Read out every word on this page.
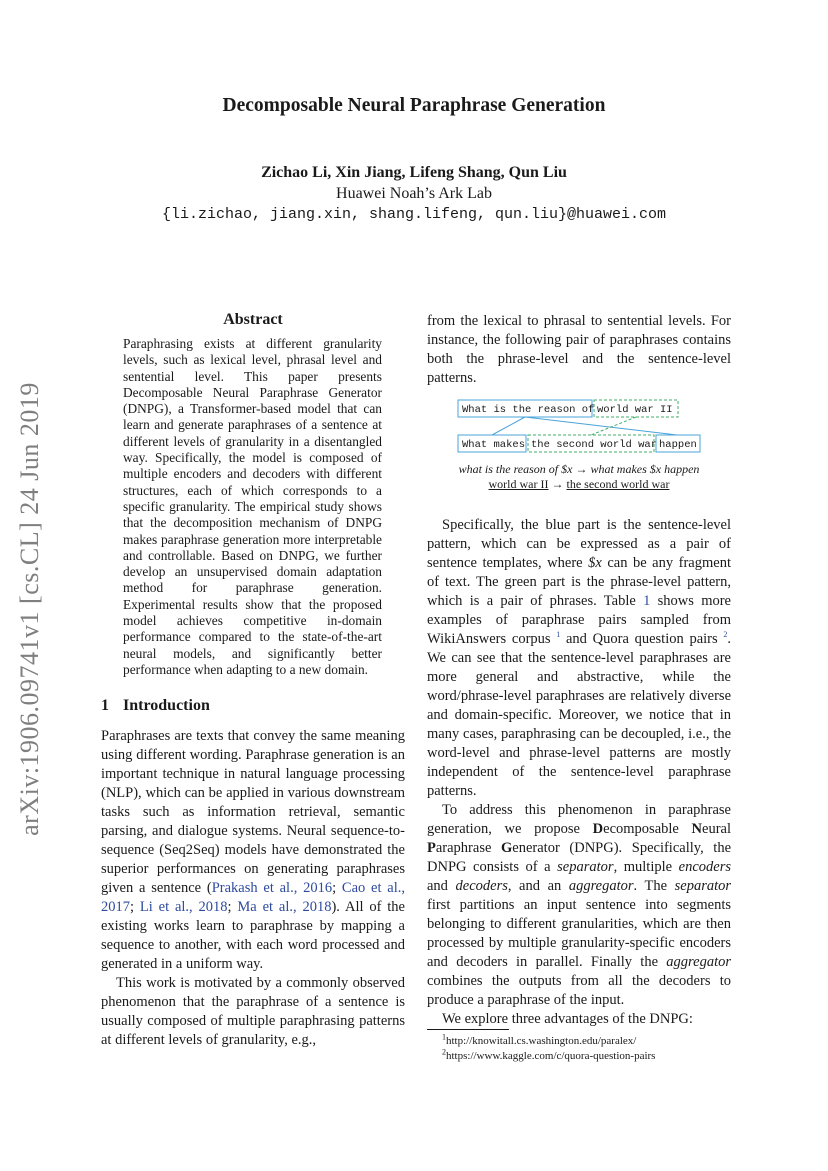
arXiv:1906.09741v1 [cs.CL] 24 Jun 2019
Decomposable Neural Paraphrase Generation
Zichao Li, Xin Jiang, Lifeng Shang, Qun Liu
Huawei Noah’s Ark Lab
{li.zichao, jiang.xin, shang.lifeng, qun.liu}@huawei.com
Abstract
Paraphrasing exists at different granularity levels, such as lexical level, phrasal level and sentential level. This paper presents Decomposable Neural Paraphrase Generator (DNPG), a Transformer-based model that can learn and generate paraphrases of a sentence at different levels of granularity in a disentangled way. Specifically, the model is composed of multiple encoders and decoders with different structures, each of which corresponds to a specific granularity. The empirical study shows that the decomposition mechanism of DNPG makes paraphrase generation more interpretable and controllable. Based on DNPG, we further develop an unsupervised domain adaptation method for paraphrase generation. Experimental results show that the proposed model achieves competitive in-domain performance compared to the state-of-the-art neural models, and significantly better performance when adapting to a new domain.
1 Introduction

Paraphrases are texts that convey the same meaning using different wording. Paraphrase generation is an important technique in natural language processing (NLP), which can be applied in various downstream tasks such as information retrieval, semantic parsing, and dialogue systems. Neural sequence-to-sequence (Seq2Seq) models have demonstrated the superior performances on generating paraphrases given a sentence (Prakash et al., 2016; Cao et al., 2017; Li et al., 2018; Ma et al., 2018). All of the existing works learn to paraphrase by mapping a sequence to another, with each word processed and generated in a uniform way.

This work is motivated by a commonly observed phenomenon that the paraphrase of a sentence is usually composed of multiple paraphrasing patterns at different levels of granularity, e.g.,

from the lexical to phrasal to sentential levels. For instance, the following pair of paraphrases contains both the phrase-level and the sentence-level patterns.
What is the reason of world war II
What makes the second world war happen
what is the reason of $x → what makes $x happen
world war II → the second world war

Specifically, the blue part is the sentence-level pattern, which can be expressed as a pair of sentence templates, where $x can be any fragment of text. The green part is the phrase-level pattern, which is a pair of phrases. Table 1 shows more examples of paraphrase pairs sampled from WikiAnswers corpus $^1$ and Quora question pairs $^2$. We can see that the sentence-level paraphrases are more general and abstractive, while the word/phrase-level paraphrases are relatively diverse and domain-specific. Moreover, we notice that in many cases, paraphrasing can be decoupled, i.e., the word-level and phrase-level patterns are mostly independent of the sentence-level paraphrase patterns.

To address this phenomenon in paraphrase generation, we propose Decomposable Neural Paraphrase Generator (DNPG). Specifically, the DNPG consists of a separator, multiple encoders and decoders, and an aggregator. The separator first partitions an input sentence into segments belonging to different granularities, which are then processed by multiple granularity-specific encoders and decoders in parallel. Finally the aggregator combines the outputs from all the decoders to produce a paraphrase of the input.

We explore three advantages of the DNPG:

$^1$http://knowitall.cs.washington.edu/paralex/
$^2$https://www.kaggle.com/c/quora-question-pairs
